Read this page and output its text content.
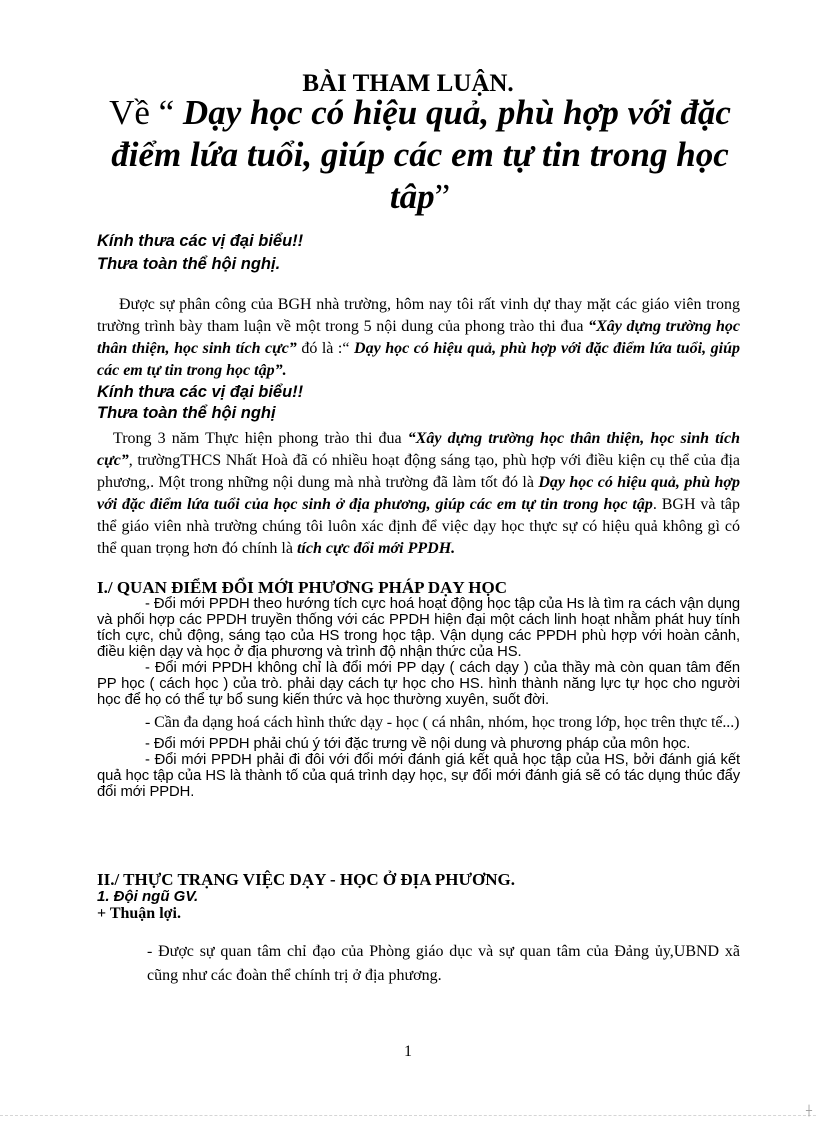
BÀI THAM LUẬN.
Về “ Dạy học có hiệu quả, phù hợp với đặc điểm lứa tuổi, giúp các em tự tin trong học tâp”
Kính thưa các vị đại biểu!!
Thưa toàn thể hội nghị.
Được sự phân công của BGH nhà trường, hôm nay tôi rất vinh dự thay mặt các giáo viên trong trường trình bày tham luận về một trong 5 nội dung của phong trào thi đua “Xây dựng trường học thân thiện, học sinh tích cực” đó là :“ Dạy học có hiệu quả, phù hợp với đặc điểm lứa tuổi, giúp các em tự tin trong học tập”.
Kính thưa các vị đại biểu!!
Thưa toàn thể hội nghị
Trong 3 năm Thực hiện phong trào thi đua “Xây dựng trường học thân thiện, học sinh tích cực”, trườngTHCS Nhất Hoà đã có nhiều hoạt động sáng tạo, phù hợp với điều kiện cụ thể của địa phương,. Một trong những nội dung mà nhà trường đã làm tốt đó là Dạy học có hiệu quả, phù hợp với đặc điểm lứa tuổi của học sinh ở địa phương, giúp các em tự tin trong học tập. BGH và tâp thể giáo viên nhà trường chúng tôi luôn xác định để việc dạy học thực sự có hiệu quả không gì có thể quan trọng hơn đó chính là tích cực đổi mới PPDH.
I./ QUAN ĐIỂM ĐỔI MỚI PHƯƠNG PHÁP DẠY HỌC

- Đổi mới PPDH theo hướng tích cực hoá hoạt động học tập của Hs là tìm ra cách vận dụng và phối hợp các PPDH truyền thống với các PPDH hiện đại một cách linh hoạt nhằm phát huy tính tích cực, chủ động, sáng tạo của HS trong học tập. Vận dụng các PPDH phù hợp với hoàn cảnh, điều kiện dạy và học ở địa phương và trình độ nhận thức của HS.

- Đổi mới PPDH không chỉ là đổi mới PP dạy ( cách dạy ) của thầy mà còn quan tâm đến PP học ( cách học ) của trò. phải dạy cách tự học cho HS. hình thành năng lực tự học cho người học để họ có thể tự bổ sung kiến thức và học thường xuyên, suốt đời.

- Cần đa dạng hoá cách hình thức dạy - học ( cá nhân, nhóm, học trong lớp, học trên thực tế...)

- Đổi mới PPDH phải chú ý tới đặc trưng về nội dung và phương pháp của môn học.

- Đổi mới PPDH phải đi đôi với đổi mới đánh giá kết quả học tập của HS, bởi đánh giá kết quả học tập của HS là thành tố của quá trình dạy học, sự đổi mới đánh giá sẽ có tác dụng thúc đẩy đổi mới PPDH.

II./ THỰC TRẠNG VIỆC DẠY - HỌC Ở ĐỊA PHƯƠNG.
1. Đội ngũ GV.
+ Thuận lợi.
- Được sự quan tâm chỉ đạo của Phòng giáo dục và sự quan tâm của Đảng ủy,UBND xã cũng như các đoàn thể chính trị ở địa phương.
1
┼
